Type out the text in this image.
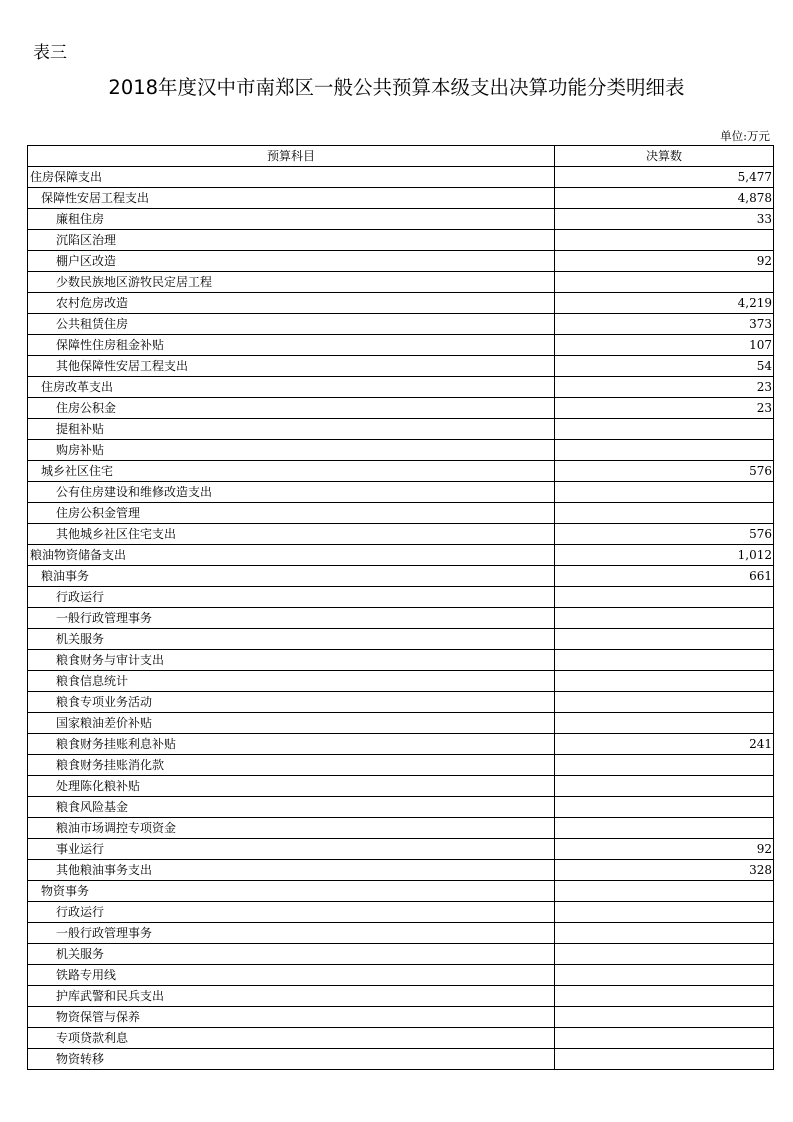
表三
2018年度汉中市南郑区一般公共预算本级支出决算功能分类明细表
单位:万元
预算科目	决算数
住房保障支出	5,477
保障性安居工程支出	4,878
廉租住房	33
沉陷区治理	
棚户区改造	92
少数民族地区游牧民定居工程	
农村危房改造	4,219
公共租赁住房	373
保障性住房租金补贴	107
其他保障性安居工程支出	54
住房改革支出	23
住房公积金	23
提租补贴	
购房补贴	
城乡社区住宅	576
公有住房建设和维修改造支出	
住房公积金管理	
其他城乡社区住宅支出	576
粮油物资储备支出	1,012
粮油事务	661
行政运行	
一般行政管理事务	
机关服务	
粮食财务与审计支出	
粮食信息统计	
粮食专项业务活动	
国家粮油差价补贴	
粮食财务挂账利息补贴	241
粮食财务挂账消化款	
处理陈化粮补贴	
粮食风险基金	
粮油市场调控专项资金	
事业运行	92
其他粮油事务支出	328
物资事务	
行政运行	
一般行政管理事务	
机关服务	
铁路专用线	
护库武警和民兵支出	
物资保管与保养	
专项贷款利息	
物资转移	
